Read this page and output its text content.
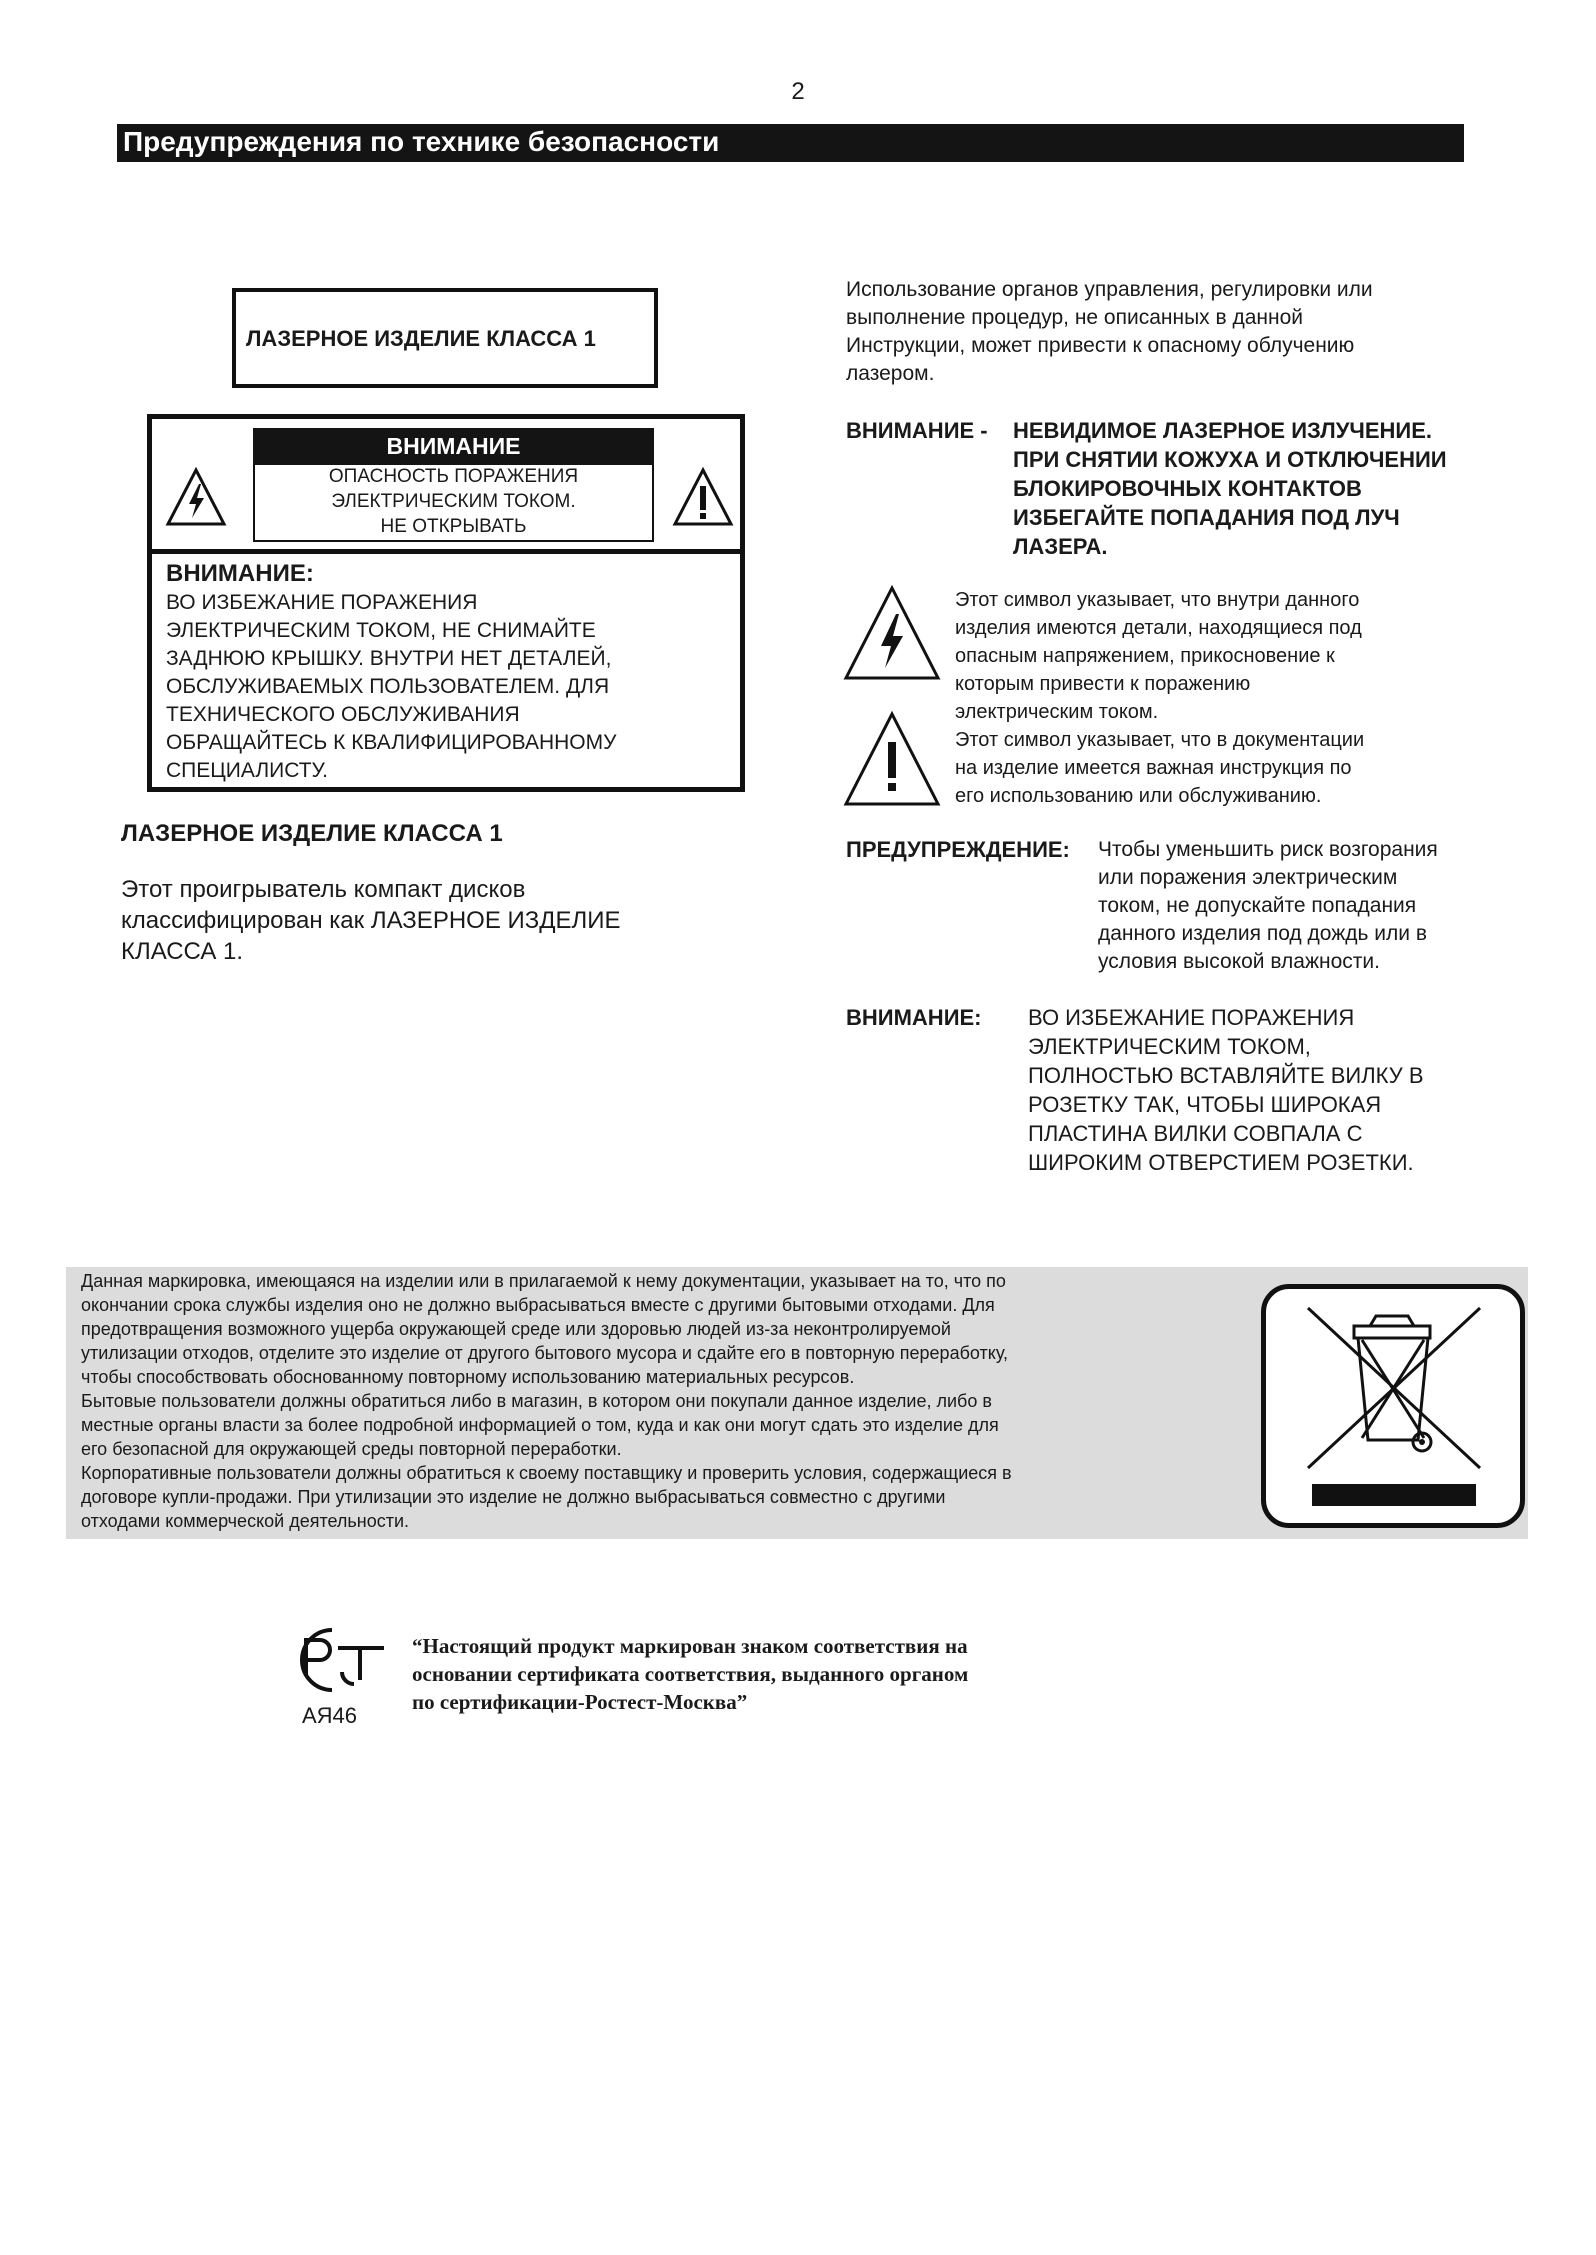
2
Предупреждения по технике безопасности
ЛАЗЕРНОЕ ИЗДЕЛИЕ КЛАССА 1
ВНИМАНИЕ
ОПАСНОСТЬ ПОРАЖЕНИЯ
ЭЛЕКТРИЧЕСКИМ ТОКОМ.
НЕ ОТКРЫВАТЬ
ВНИМАНИЕ:
ВО ИЗБЕЖАНИЕ ПОРАЖЕНИЯ
ЭЛЕКТРИЧЕСКИМ ТОКОМ, НЕ СНИМАЙТЕ
ЗАДНЮЮ КРЫШКУ. ВНУТРИ НЕТ ДЕТАЛЕЙ,
ОБСЛУЖИВАЕМЫХ ПОЛЬЗОВАТЕЛЕМ. ДЛЯ
ТЕХНИЧЕСКОГО ОБСЛУЖИВАНИЯ
ОБРАЩАЙТЕСЬ К КВАЛИФИЦИРОВАННОМУ
СПЕЦИАЛИСТУ.
ЛАЗЕРНОЕ ИЗДЕЛИЕ КЛАССА 1
Этот проигрыватель компакт дисков
классифицирован как ЛАЗЕРНОЕ ИЗДЕЛИЕ
КЛАССА 1.
Использование органов управления, регулировки или
выполнение процедур, не описанных в данной
Инструкции, может привести к опасному облучению
лазером.
ВНИМАНИЕ - НЕВИДИМОЕ ЛАЗЕРНОЕ ИЗЛУЧЕНИЕ.
ПРИ СНЯТИИ КОЖУХА И ОТКЛЮЧЕНИИ
БЛОКИРОВОЧНЫХ КОНТАКТОВ
ИЗБЕГАЙТЕ ПОПАДАНИЯ ПОД ЛУЧ
ЛАЗЕРА.
Этот символ указывает, что внутри данного
изделия имеются детали, находящиеся под
опасным напряжением, прикосновение к
которым привести к поражению
электрическим током.
Этот символ указывает, что в документации
на изделие имеется важная инструкция по
его использованию или обслуживанию.
ПРЕДУПРЕЖДЕНИЕ: Чтобы уменьшить риск возгорания
или поражения электрическим
током, не допускайте попадания
данного изделия под дождь или в
условия высокой влажности.
ВНИМАНИЕ: ВО ИЗБЕЖАНИЕ ПОРАЖЕНИЯ
ЭЛЕКТРИЧЕСКИМ ТОКОМ,
ПОЛНОСТЬЮ ВСТАВЛЯЙТЕ ВИЛКУ В
РОЗЕТКУ ТАК, ЧТОБЫ ШИРОКАЯ
ПЛАСТИНА ВИЛКИ СОВПАЛА С
ШИРОКИМ ОТВЕРСТИЕМ РОЗЕТКИ.
Данная маркировка, имеющаяся на изделии или в прилагаемой к нему документации, указывает на то, что по
окончании срока службы изделия оно не должно выбрасываться вместе с другими бытовыми отходами. Для
предотвращения возможного ущерба окружающей среде или здоровью людей из-за неконтролируемой
утилизации отходов, отделите это изделие от другого бытового мусора и сдайте его в повторную переработку,
чтобы способствовать обоснованному повторному использованию материальных ресурсов.
Бытовые пользователи должны обратиться либо в магазин, в котором они покупали данное изделие, либо в
местные органы власти за более подробной информацией о том, куда и как они могут сдать это изделие для
его безопасной для окружающей среды повторной переработки.
Корпоративные пользователи должны обратиться к своему поставщику и проверить условия, содержащиеся в
договоре купли-продажи. При утилизации это изделие не должно выбрасываться совместно с другими
отходами коммерческой деятельности.
АЯ46
“Настоящий продукт маркирован знаком соответствия на
основании сертификата соответствия, выданного органом
по сертификации-Ростест-Москва”
